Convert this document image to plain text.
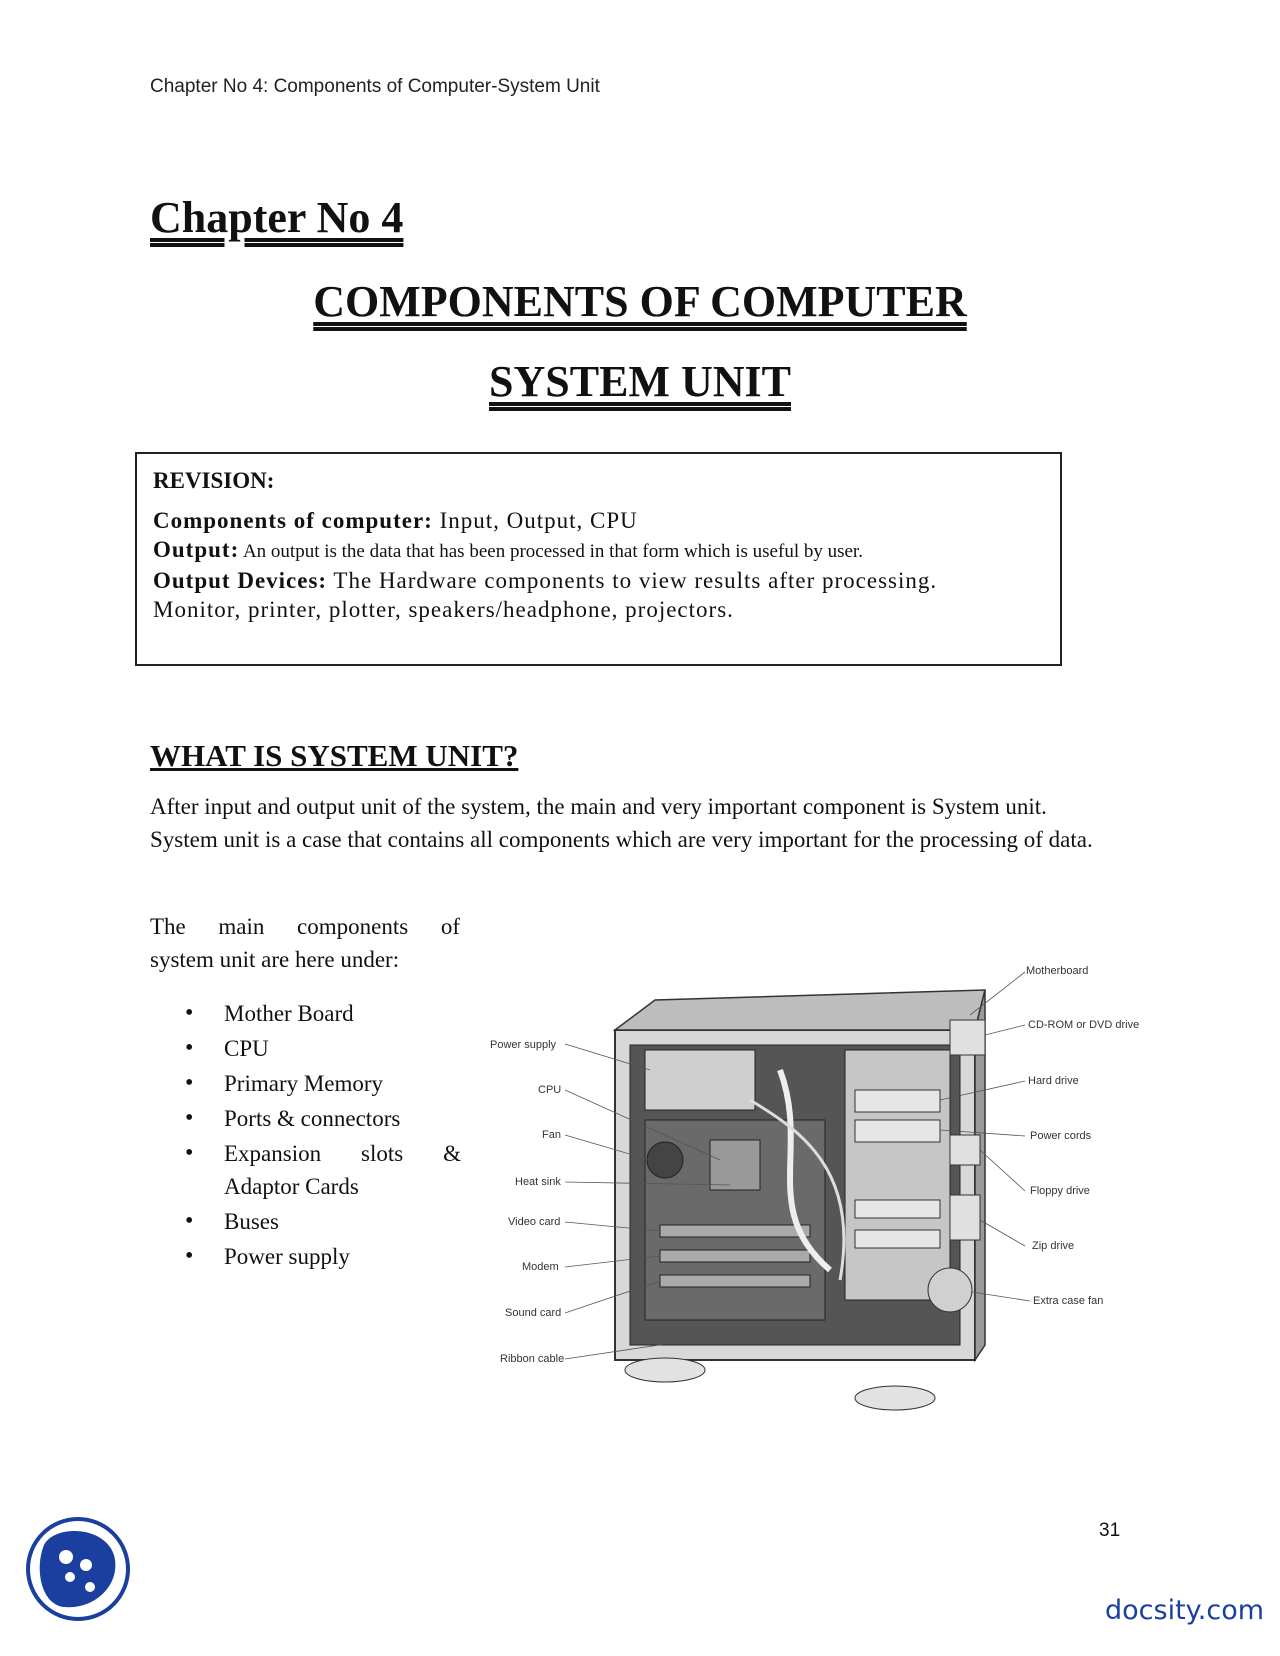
Chapter No 4: Components of Computer-System Unit
Chapter No 4
COMPONENTS OF COMPUTER
SYSTEM UNIT
REVISION:
Components of computer: Input, Output, CPU
Output: An output is the data that has been processed in that form which is useful by user.
Output Devices: The Hardware components to view results after processing.
Monitor, printer, plotter, speakers/headphone, projectors.
WHAT IS SYSTEM UNIT?

After input and output unit of the system, the main and very important component is System unit.

System unit is a case that contains all components which are very important for the processing of data.

The main components of
system unit are here under:
• Mother Board
• CPU
• Primary Memory
• Ports & connectors
• Expansion slots & Adaptor Cards
• Buses
• Power supply
Power supply
CPU
Fan
Heat sink
Video card
Modem
Sound card
Ribbon cable
Motherboard
CD-ROM or DVD drive
Hard drive
Power cords
Floppy drive
Zip drive
Extra case fan
31
docsity.com
